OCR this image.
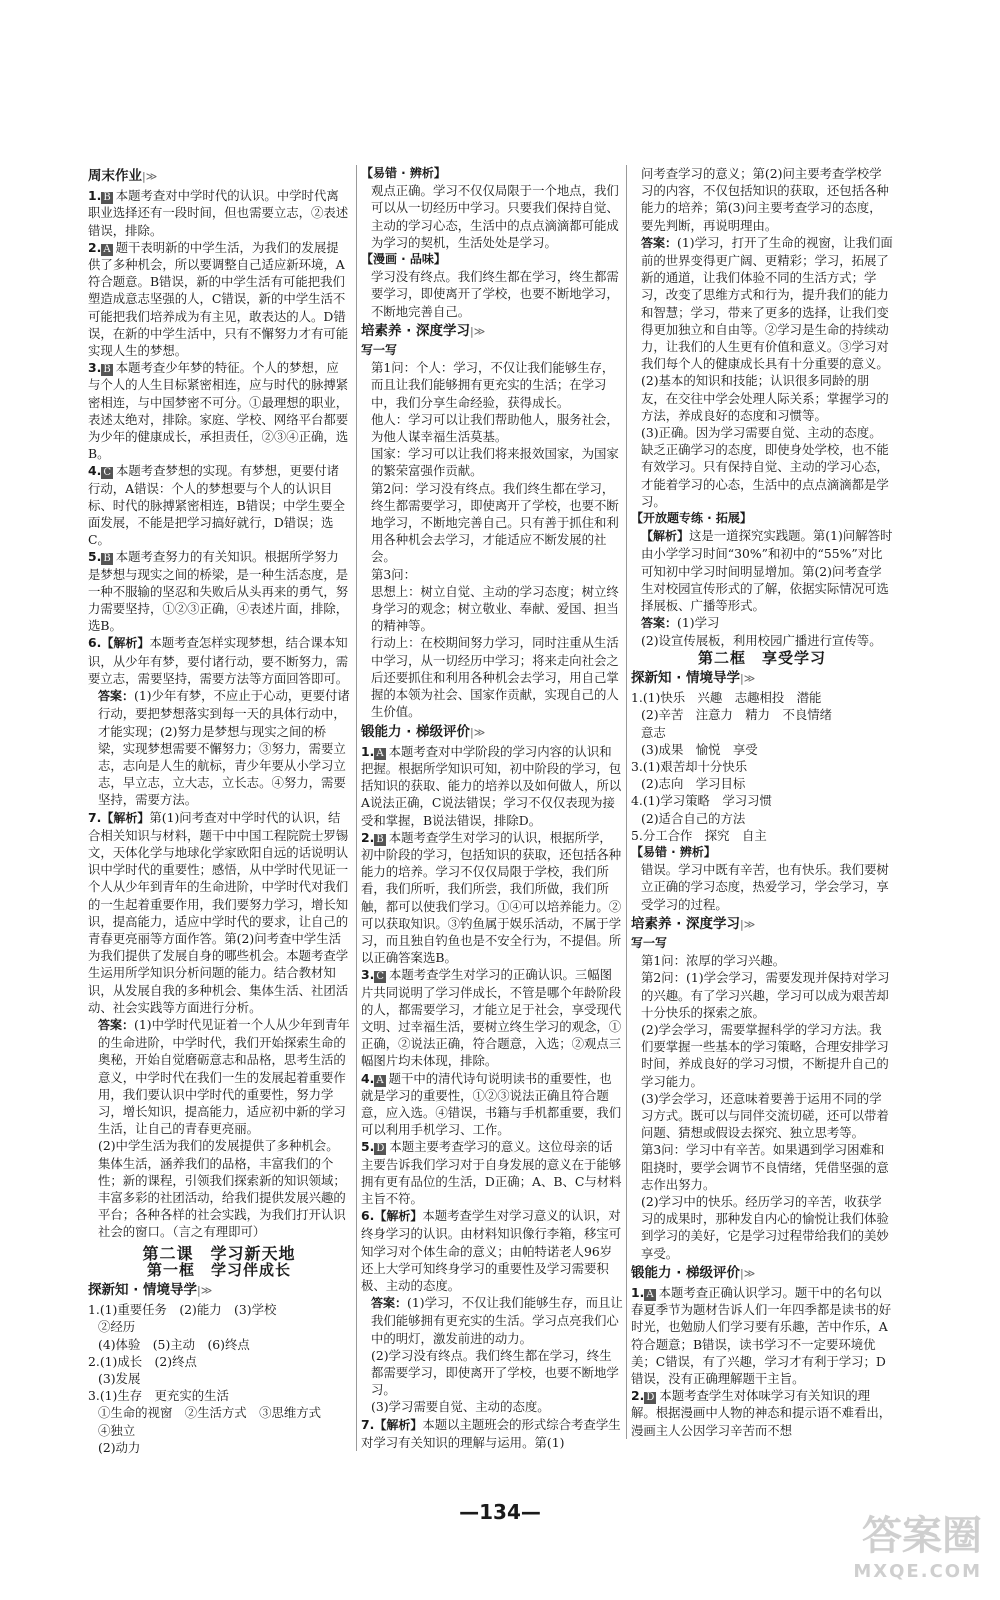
周末作业|≫

1. B 本题考查对中学时代的认识。中学时代离职业选择还有一段时间，但也需要立志，②表述错误，排除。

2. A 题干表明新的中学生活，为我们的发展提供了多种机会，所以要调整自己适应新环境，A符合题意。B错误，新的中学生活有可能把我们塑造成意志坚强的人，C错误，新的中学生活不可能把我们培养成为有主见，敢表达的人。D错误，在新的中学生活中，只有不懈努力才有可能实现人生的梦想。

3. B 本题考查少年梦的特征。个人的梦想，应与个人的人生目标紧密相连，应与时代的脉搏紧密相连，与中国梦密不可分。①最理想的职业，表述太绝对，排除。家庭、学校、网络平台都要为少年的健康成长，承担责任，②③④正确，选B。

4. C 本题考查梦想的实现。有梦想，更要付诸行动，A错误：个人的梦想要与个人的认识目标、时代的脉搏紧密相连，B错误；中学生要全面发展，不能是把学习搞好就行，D错误；选C。

5. B 本题考查努力的有关知识。根据所学努力是梦想与现实之间的桥梁，是一种生活态度，是一种不服输的坚忍和失败后从头再来的勇气，努力需要坚持，①②③正确，④表述片面，排除，选B。

6.【解析】本题考查怎样实现梦想，结合课本知识，从少年有梦，要付诸行动，要不断努力，需要立志，需要坚持，需要方法等方面回答即可。

答案：(1)少年有梦，不应止于心动，更要付诸行动，要把梦想落实到每一天的具体行动中，才能实现；(2)努力是梦想与现实之间的桥梁，实现梦想需要不懈努力；③努力，需要立志，志向是人生的航标，青少年要从小学习立志，早立志，立大志，立长志。④努力，需要坚持，需要方法。

7.【解析】第(1)问考查对中学时代的认识，结合相关知识与材料，题干中中国工程院院士罗锡文，天体化学与地球化学家欧阳自远的话说明认识中学时代的重要性；感悟，从中学时代见证一个人从少年到青年的生命进阶，中学时代对我们的一生起着重要作用，我们要努力学习，增长知识，提高能力，适应中学时代的要求，让自己的青春更亮丽等方面作答。第(2)问考查中学生活为我们提供了发展自身的哪些机会。本题考查学生运用所学知识分析问题的能力。结合教材知识，从发展自我的多种机会、集体生活、社团活动、社会实践等方面进行分析。

答案：(1)中学时代见证着一个人从少年到青年的生命进阶，中学时代，我们开始探索生命的奥秘，开始自觉磨砺意志和品格，思考生活的意义，中学时代在我们一生的发展起着重要作用，我们要认识中学时代的重要性，努力学习，增长知识，提高能力，适应初中新的学习生活，让自己的青春更亮丽。

(2)中学生活为我们的发展提供了多种机会。集体生活，涵养我们的品格，丰富我们的个性；新的课程，引领我们探索新的知识领域；丰富多彩的社团活动，给我们提供发展兴趣的平台；各种各样的社会实践，为我们打开认识社会的窗口。（言之有理即可）

第二课　学习新天地
第一框　学习伴成长
探新知 · 情境导学|≫

1.(1)重要任务　(2)能力　(3)学校

②经历

(4)体验　(5)主动　(6)终点

2.(1)成长　(2)终点

(3)发展

3.(1)生存　更充实的生活

①生命的视窗　②生活方式　③思维方式

④独立

(2)动力

【易错 · 辨析】

观点正确。学习不仅仅局限于一个地点，我们可以从一切经历中学习。只要我们保持自觉、主动的学习心态，生活中的点点滴滴都可能成为学习的契机，生活处处是学习。

【漫画 · 品味】

学习没有终点。我们终生都在学习，终生都需要学习，即使离开了学校，也要不断地学习，不断地完善自己。

培素养 · 深度学习|≫
写一写

第1问：个人：学习，不仅让我们能够生存，而且让我们能够拥有更充实的生活；在学习中，我们分享生命经验，获得成长。

他人：学习可以让我们帮助他人，服务社会，为他人谋幸福生活莫基。

国家：学习可以让我们将来报效国家，为国家的繁荣富强作贡献。

第2问：学习没有终点。我们终生都在学习，终生都需要学习，即使离开了学校，也要不断地学习，不断地完善自己。只有善于抓住和利用各种机会去学习，才能适应不断发展的社会。

第3问：

思想上：树立自觉、主动的学习态度；树立终身学习的观念；树立敬业、奉献、爱国、担当的精神等。

行动上：在校期间努力学习，同时注重从生活中学习，从一切经历中学习；将来走向社会之后还要抓住和利用各种机会去学习，用自己掌握的本领为社会、国家作贡献，实现自己的人生价值。

锻能力 · 梯级评价|≫

1. A 本题考查对中学阶段的学习内容的认识和把握。根据所学知识可知，初中阶段的学习，包括知识的获取、能力的培养以及如何做人，所以A说法正确，C说法错误；学习不仅仅表现为接受和掌握，B说法错误，排除D。

2. B 本题考查学生对学习的认识，根据所学，初中阶段的学习，包括知识的获取，还包括各种能力的培养。学习不仅仅局限于学校，我们所看，我们所听，我们所尝，我们所做，我们所触，都可以使我们学习。①④可以培养能力。②可以获取知识。③钓鱼属于娱乐活动，不属于学习，而且独自钓鱼也是不安全行为，不提倡。所以正确答案选B。

3. C 本题考查学生对学习的正确认识。三幅图片共同说明了学习伴成长，不管是哪个年龄阶段的人，都需要学习，才能立足于社会，享受现代文明、过幸福生活，要树立终生学习的观念，①正确，②说法正确，符合题意，入选；②观点三幅图片均未体现，排除。

4. A 题干中的清代诗句说明读书的重要性，也就是学习的重要性，①②③说法正确且符合题意，应入选。④错误，书籍与手机都重要，我们可以利用手机学习、工作。

5. D 本题主要考查学习的意义。这位母亲的话主要告诉我们学习对于自身发展的意义在于能够拥有更有品位的生活，D正确；A、B、C与材料主旨不符。

6.【解析】本题考查学生对学习意义的认识，对终身学习的认识。由材料知识像行李箱，移宝可知学习对个体生命的意义；由帕特诺老人96岁还上大学可知终身学习的重要性及学习需要积极、主动的态度。

答案：(1)学习，不仅让我们能够生存，而且让我们能够拥有更充实的生活。学习点亮我们心中的明灯，激发前进的动力。

(2)学习没有终点。我们终生都在学习，终生都需要学习，即使离开了学校，也要不断地学习。

(3)学习需要自觉、主动的态度。

7.【解析】本题以主题班会的形式综合考查学生对学习有关知识的理解与运用。第(1)

问考查学习的意义；第(2)问主要考查学校学习的内容，不仅包括知识的获取，还包括各种能力的培养；第(3)问主要考查学习的态度，要先判断，再说明理由。

答案：(1)学习，打开了生命的视窗，让我们面前的世界变得更广阔、更精彩；学习，拓展了新的通道，让我们体验不同的生活方式；学习，改变了思维方式和行为，提升我们的能力和智慧；学习，带来了更多的选择，让我们变得更加独立和自由等。②学习是生命的持续动力，让我们的人生更有价值和意义。③学习对我们每个人的健康成长具有十分重要的意义。

(2)基本的知识和技能；认识很多同龄的朋友，在交往中学会处理人际关系；掌握学习的方法，养成良好的态度和习惯等。

(3)正确。因为学习需要自觉、主动的态度。缺乏正确学习的态度，即使身处学校，也不能有效学习。只有保持自觉、主动的学习心态，才能着学习的心态，生活中的点点滴滴都是学习。

【开放题专练 · 拓展】

【解析】这是一道探究实践题。第(1)问解答时由小学学习时间“30%”和初中的“55%”对比可知初中学习时间明显增加。第(2)问考查学生对校园宣传形式的了解，依据实际情况可选择展板、广播等形式。

答案：(1)学习

(2)设宣传展板，利用校园广播进行宣传等。

第二框　享受学习
探新知 · 情境导学|≫

1.(1)快乐　兴趣　志趣相投　潜能

(2)辛苦　注意力　精力　不良情绪

意志

(3)成果　愉悦　享受

3.(1)艰苦却十分快乐

(2)志向　学习目标

4.(1)学习策略　学习习惯

(2)适合自己的方法

5.分工合作　探究　自主

【易错 · 辨析】

错误。学习中既有辛苦，也有快乐。我们要树立正确的学习态度，热爱学习，学会学习，享受学习的过程。

培素养 · 深度学习|≫
写一写

第1问：浓厚的学习兴趣。

第2问：(1)学会学习，需要发现并保持对学习的兴趣。有了学习兴趣，学习可以成为艰苦却十分快乐的探索之旅。

(2)学会学习，需要掌握科学的学习方法。我们要掌握一些基本的学习策略，合理安排学习时间，养成良好的学习习惯，不断提升自己的学习能力。

(3)学会学习，还意味着要善于运用不同的学习方式。既可以与同伴交流切磋，还可以带着问题、猜想或假设去探究、独立思考等。

第3问：学习中有辛苦。如果遇到学习困难和阻挠时，要学会调节不良情绪，凭借坚强的意志作出努力。

(2)学习中的快乐。经历学习的辛苦，收获学习的成果时，那种发自内心的愉悦让我们体验到学习的美好，它是学习过程带给我们的美妙享受。

锻能力 · 梯级评价|≫

1. A 本题考查正确认识学习。题干中的名句以春夏季节为题材告诉人们一年四季都是读书的好时光，也勉励人们学习要有乐趣，苦中作乐，A符合题意；B错误，读书学习不一定要环境优美；C错误，有了兴趣，学习才有利于学习；D错误，没有正确理解题干主旨。

2. D 本题考查学生对体味学习有关知识的理解。根据漫画中人物的神态和提示语不难看出，漫画主人公因学习辛苦而不想

—134—
答案圈
MXQE.COM
